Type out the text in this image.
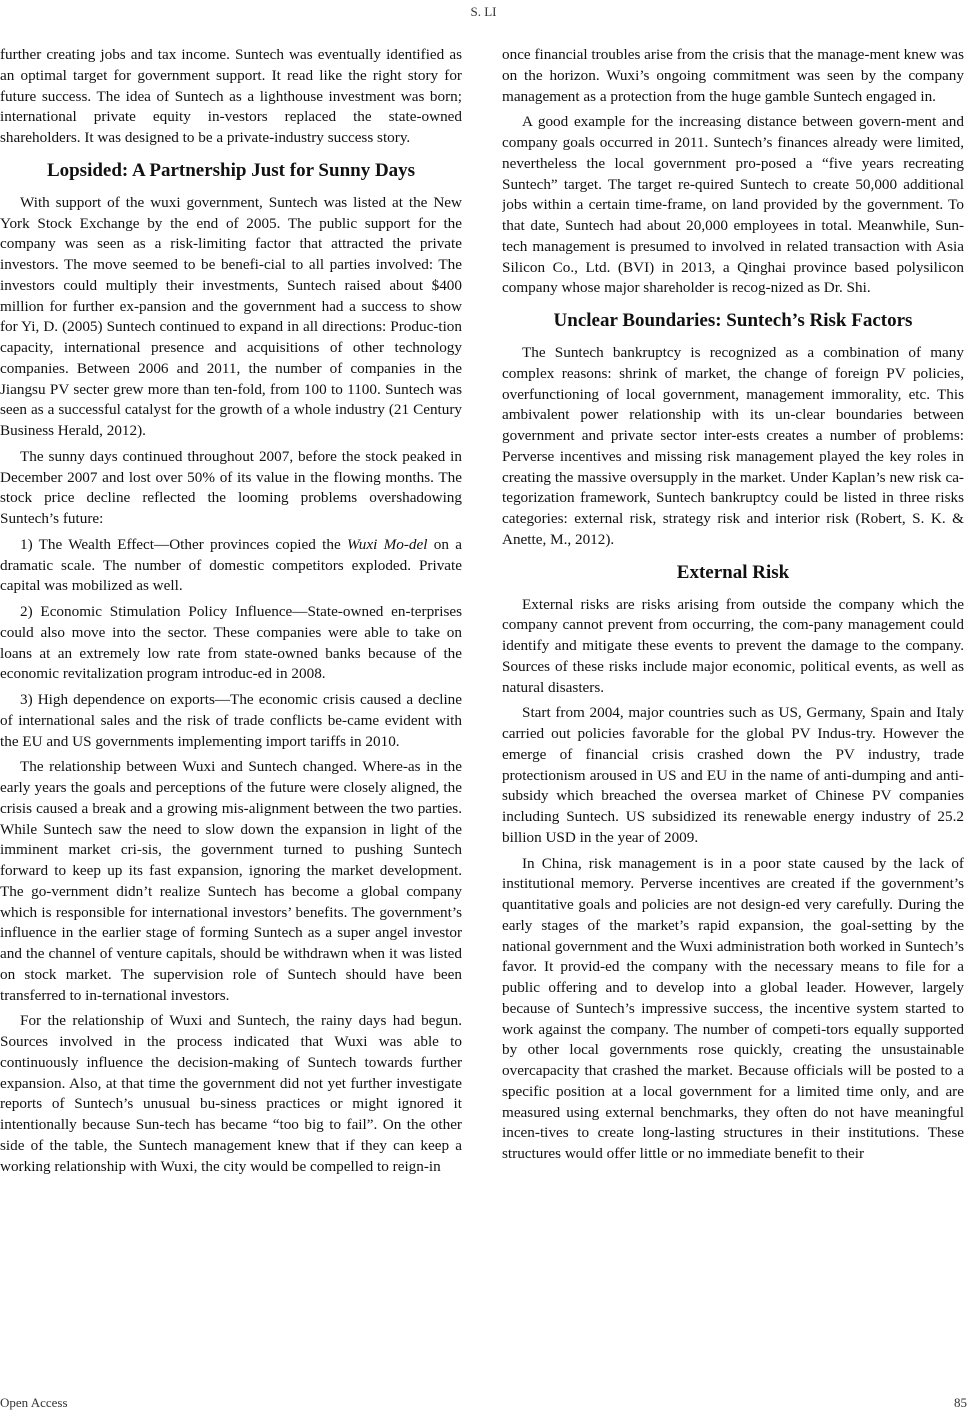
S. LI

further creating jobs and tax income. Suntech was eventually identified as an optimal target for government support. It read like the right story for future success. The idea of Suntech as a lighthouse investment was born; international private equity in-vestors replaced the state-owned shareholders. It was designed to be a private-industry success story.

Lopsided: A Partnership Just for Sunny Days

With support of the wuxi government, Suntech was listed at the New York Stock Exchange by the end of 2005. The public support for the company was seen as a risk-limiting factor that attracted the private investors. The move seemed to be benefi-cial to all parties involved: The investors could multiply their investments, Suntech raised about $400 million for further ex-pansion and the government had a success to show for Yi, D. (2005) Suntech continued to expand in all directions: Produc-tion capacity, international presence and acquisitions of other technology companies. Between 2006 and 2011, the number of companies in the Jiangsu PV secter grew more than ten-fold, from 100 to 1100. Suntech was seen as a successful catalyst for the growth of a whole industry (21 Century Business Herald, 2012).

The sunny days continued throughout 2007, before the stock peaked in December 2007 and lost over 50% of its value in the flowing months. The stock price decline reflected the looming problems overshadowing Suntech’s future:

1) The Wealth Effect—Other provinces copied the Wuxi Mo-del on a dramatic scale. The number of domestic competitors exploded. Private capital was mobilized as well.

2) Economic Stimulation Policy Influence—State-owned en-terprises could also move into the sector. These companies were able to take on loans at an extremely low rate from state-owned banks because of the economic revitalization program introduc-ed in 2008.

3) High dependence on exports—The economic crisis caused a decline of international sales and the risk of trade conflicts be-came evident with the EU and US governments implementing import tariffs in 2010.

The relationship between Wuxi and Suntech changed. Where-as in the early years the goals and perceptions of the future were closely aligned, the crisis caused a break and a growing mis-alignment between the two parties. While Suntech saw the need to slow down the expansion in light of the imminent market cri-sis, the government turned to pushing Suntech forward to keep up its fast expansion, ignoring the market development. The go-vernment didn’t realize Suntech has become a global company which is responsible for international investors’ benefits. The government’s influence in the earlier stage of forming Suntech as a super angel investor and the channel of venture capitals, should be withdrawn when it was listed on stock market. The supervision role of Suntech should have been transferred to in-ternational investors.

For the relationship of Wuxi and Suntech, the rainy days had begun. Sources involved in the process indicated that Wuxi was able to continuously influence the decision-making of Suntech towards further expansion. Also, at that time the government did not yet further investigate reports of Suntech’s unusual bu-siness practices or might ignored it intentionally because Sun-tech has became “too big to fail”. On the other side of the table, the Suntech management knew that if they can keep a working relationship with Wuxi, the city would be compelled to reign-in

once financial troubles arise from the crisis that the manage-ment knew was on the horizon. Wuxi’s ongoing commitment was seen by the company management as a protection from the huge gamble Suntech engaged in.

A good example for the increasing distance between govern-ment and company goals occurred in 2011. Suntech’s finances already were limited, nevertheless the local government pro-posed a “five years recreating Suntech” target. The target re-quired Suntech to create 50,000 additional jobs within a certain time-frame, on land provided by the government. To that date, Suntech had about 20,000 employees in total. Meanwhile, Sun-tech management is presumed to involved in related transaction with Asia Silicon Co., Ltd. (BVI) in 2013, a Qinghai province based polysilicon company whose major shareholder is recog-nized as Dr. Shi.

Unclear Boundaries: Suntech’s Risk Factors

The Suntech bankruptcy is recognized as a combination of many complex reasons: shrink of market, the change of foreign PV policies, overfunctioning of local government, management immorality, etc. This ambivalent power relationship with its un-clear boundaries between government and private sector inter-ests creates a number of problems: Perverse incentives and missing risk management played the key roles in creating the massive oversupply in the market. Under Kaplan’s new risk ca-tegorization framework, Suntech bankruptcy could be listed in three risks categories: external risk, strategy risk and interior risk (Robert, S. K. & Anette, M., 2012).

External Risk

External risks are risks arising from outside the company which the company cannot prevent from occurring, the com-pany management could identify and mitigate these events to prevent the damage to the company. Sources of these risks include major economic, political events, as well as natural disasters.

Start from 2004, major countries such as US, Germany, Spain and Italy carried out policies favorable for the global PV Indus-try. However the emerge of financial crisis crashed down the PV industry, trade protectionism aroused in US and EU in the name of anti-dumping and anti-subsidy which breached the oversea market of Chinese PV companies including Suntech. US subsidized its renewable energy industry of 25.2 billion USD in the year of 2009.

In China, risk management is in a poor state caused by the lack of institutional memory. Perverse incentives are created if the government’s quantitative goals and policies are not design-ed very carefully. During the early stages of the market’s rapid expansion, the goal-setting by the national government and the Wuxi administration both worked in Suntech’s favor. It provid-ed the company with the necessary means to file for a public offering and to develop into a global leader. However, largely because of Suntech’s impressive success, the incentive system started to work against the company. The number of competi-tors equally supported by other local governments rose quickly, creating the unsustainable overcapacity that crashed the market. Because officials will be posted to a specific position at a local government for a limited time only, and are measured using external benchmarks, they often do not have meaningful incen-tives to create long-lasting structures in their institutions. These structures would offer little or no immediate benefit to their

Open Access	85
